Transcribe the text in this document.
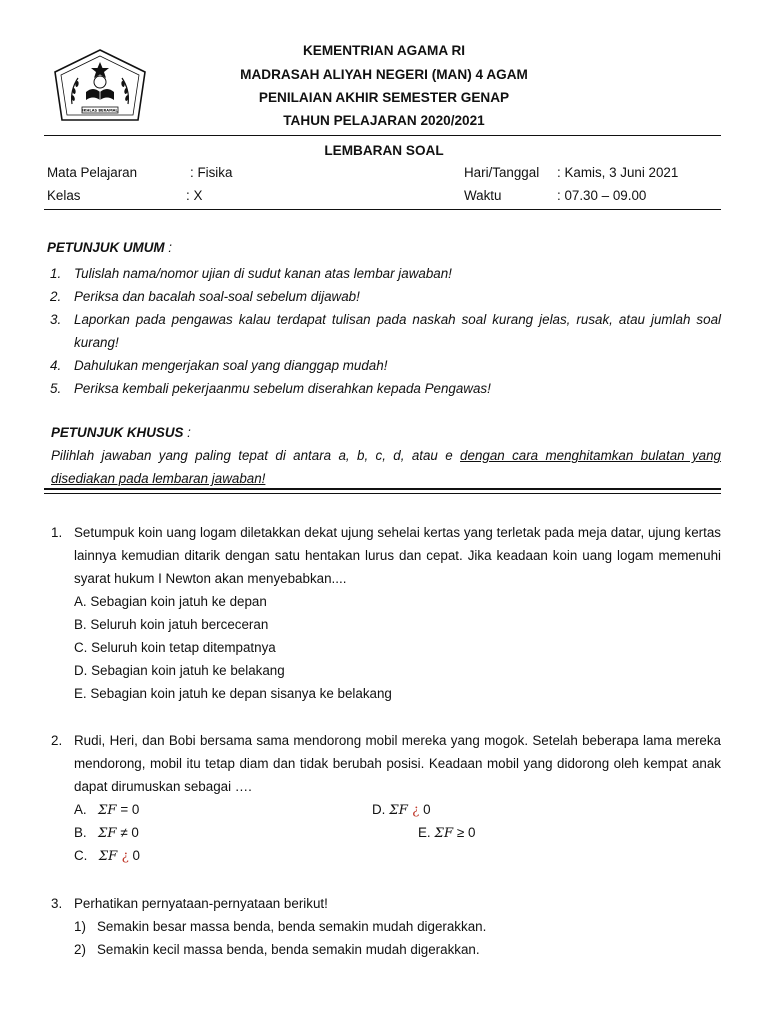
IKHLAS BERAMAL
KEMENTRIAN AGAMA RI
MADRASAH ALIYAH NEGERI (MAN) 4 AGAM
PENILAIAN AKHIR SEMESTER GENAP
TAHUN PELAJARAN 2020/2021
LEMBARAN SOAL
Mata Pelajaran	: Fisika	Hari/Tanggal : Kamis, 3 Juni 2021
Kelas	: X	Waktu	: 07.30 – 09.00
PETUNJUK UMUM :
1. Tulislah nama/nomor ujian di sudut kanan atas lembar jawaban!
2. Periksa dan bacalah soal-soal sebelum dijawab!
3. Laporkan pada pengawas kalau terdapat tulisan pada naskah soal kurang jelas, rusak, atau jumlah soal kurang!
4. Dahulukan mengerjakan soal yang dianggap mudah!
5. Periksa kembali pekerjaanmu sebelum diserahkan kepada Pengawas!
PETUNJUK KHUSUS :
Pilihlah jawaban yang paling tepat di antara a, b, c, d, atau e dengan cara menghitamkan bulatan yang disediakan pada lembaran jawaban!
1. Setumpuk koin uang logam diletakkan dekat ujung sehelai kertas yang terletak pada meja datar, ujung kertas lainnya kemudian ditarik dengan satu hentakan lurus dan cepat. Jika keadaan koin uang logam memenuhi syarat hukum I Newton akan menyebabkan....
A. Sebagian koin jatuh ke depan
B. Seluruh koin jatuh berceceran
C. Seluruh koin tetap ditempatnya
D. Sebagian koin jatuh ke belakang
E. Sebagian koin jatuh ke depan sisanya ke belakang
2. Rudi, Heri, dan Bobi bersama sama mendorong mobil mereka yang mogok. Setelah beberapa lama mereka mendorong, mobil itu tetap diam dan tidak berubah posisi. Keadaan mobil yang didorong oleh kempat anak dapat dirumuskan sebagai ….
A. ΣF = 0	D. ΣF ¿ 0
B. ΣF ≠ 0	E. ΣF ≥ 0
C. ΣF ¿ 0
3. Perhatikan pernyataan-pernyataan berikut!
1) Semakin besar massa benda, benda semakin mudah digerakkan.
2) Semakin kecil massa benda, benda semakin mudah digerakkan.
